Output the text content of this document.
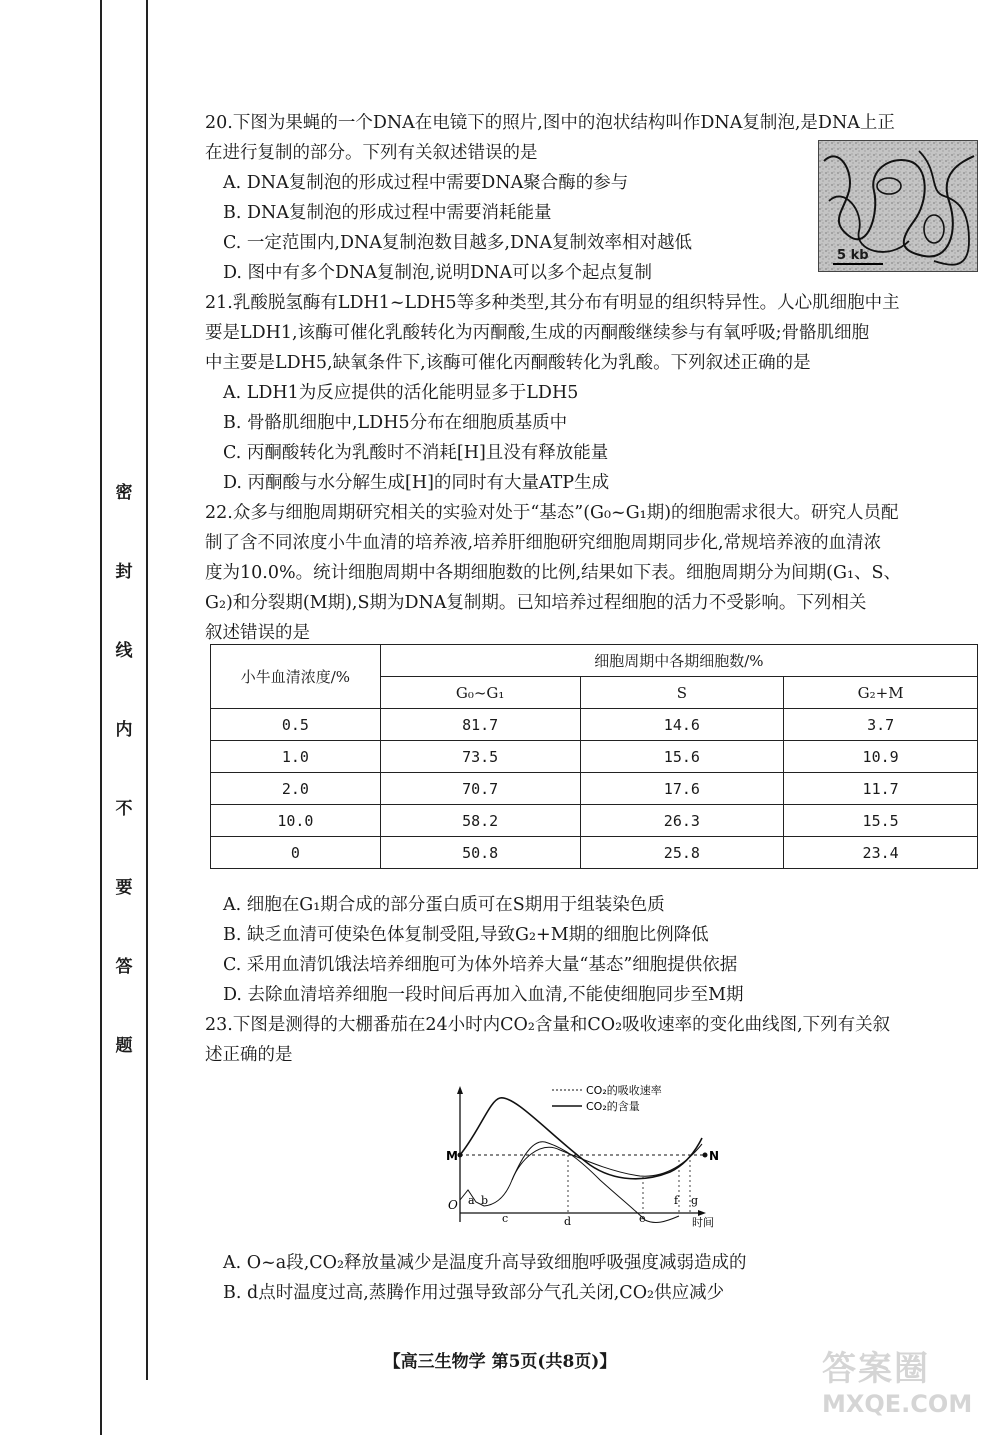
密
封
线
内
不
要
答
题

20.下图为果蝇的一个DNA在电镜下的照片,图中的泡状结构叫作DNA复制泡,是DNA上正

在进行复制的部分。下列有关叙述错误的是

A. DNA复制泡的形成过程中需要DNA聚合酶的参与

B. DNA复制泡的形成过程中需要消耗能量

C. 一定范围内,DNA复制泡数目越多,DNA复制效率相对越低

D. 图中有多个DNA复制泡,说明DNA可以多个起点复制

21.乳酸脱氢酶有LDH1~LDH5等多种类型,其分布有明显的组织特异性。人心肌细胞中主

要是LDH1,该酶可催化乳酸转化为丙酮酸,生成的丙酮酸继续参与有氧呼吸;骨骼肌细胞

中主要是LDH5,缺氧条件下,该酶可催化丙酮酸转化为乳酸。下列叙述正确的是

A. LDH1为反应提供的活化能明显多于LDH5

B. 骨骼肌细胞中,LDH5分布在细胞质基质中

C. 丙酮酸转化为乳酸时不消耗[H]且没有释放能量

D. 丙酮酸与水分解生成[H]的同时有大量ATP生成

22.众多与细胞周期研究相关的实验对处于“基态”(G₀~G₁期)的细胞需求很大。研究人员配

制了含不同浓度小牛血清的培养液,培养肝细胞研究细胞周期同步化,常规培养液的血清浓

度为10.0%。统计细胞周期中各期细胞数的比例,结果如下表。细胞周期分为间期(G₁、S、

G₂)和分裂期(M期),S期为DNA复制期。已知培养过程细胞的活力不受影响。下列相关

叙述错误的是

5 kb
小牛血清浓度/%	细胞周期中各期细胞数/%		
	G₀~G₁	S	G₂+M
0.5	81.7	14.6	3.7
1.0	73.5	15.6	10.9
2.0	70.7	17.6	11.7
10.0	58.2	26.3	15.5
0	50.8	25.8	23.4

A. 细胞在G₁期合成的部分蛋白质可在S期用于组装染色质

B. 缺乏血清可使染色体复制受阻,导致G₂+M期的细胞比例降低

C. 采用血清饥饿法培养细胞可为体外培养大量“基态”细胞提供依据

D. 去除血清培养细胞一段时间后再加入血清,不能使细胞同步至M期

23.下图是测得的大棚番茄在24小时内CO₂含量和CO₂吸收速率的变化曲线图,下列有关叙

述正确的是

CO₂的吸收速率
CO₂的含量
M	N
O a b
c	d	e
f g
时间

A. O~a段,CO₂释放量减少是温度升高导致细胞呼吸强度减弱造成的

B. d点时温度过高,蒸腾作用过强导致部分气孔关闭,CO₂供应减少

【高三生物学 第5页(共8页)】	答案圈
MXQE.COM
